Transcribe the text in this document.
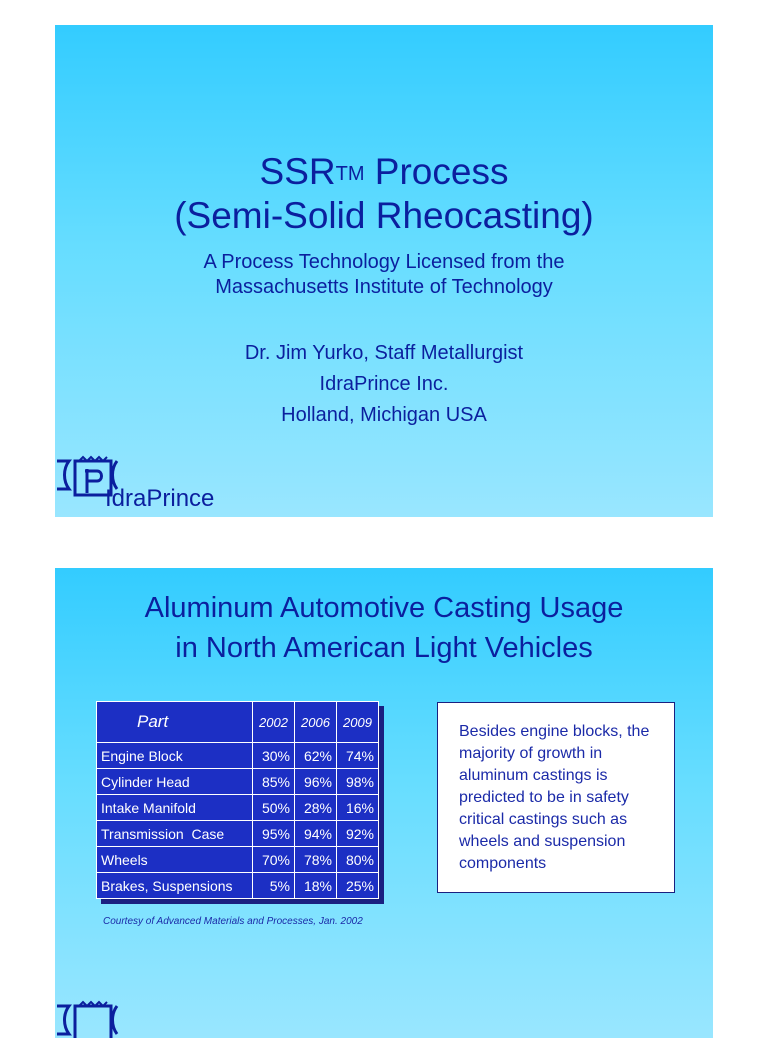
SSR™ Process
(Semi-Solid Rheocasting)
A Process Technology Licensed from the
Massachusetts Institute of Technology
Dr. Jim Yurko, Staff Metallurgist
IdraPrince Inc.
Holland, Michigan USA
IdraPrince
Aluminum Automotive Casting Usage
in North American Light Vehicles
Part	2002	2006	2009
Engine Block	30%	62%	74%
Cylinder Head	85%	96%	98%
Intake Manifold	50%	28%	16%
Transmission  Case	95%	94%	92%
Wheels	70%	78%	80%
Brakes, Suspensions	5%	18%	25%
Courtesy of Advanced Materials and Processes, Jan. 2002
Besides engine blocks, the majority of growth in aluminum castings is predicted to be in safety critical castings such as wheels and suspension components
